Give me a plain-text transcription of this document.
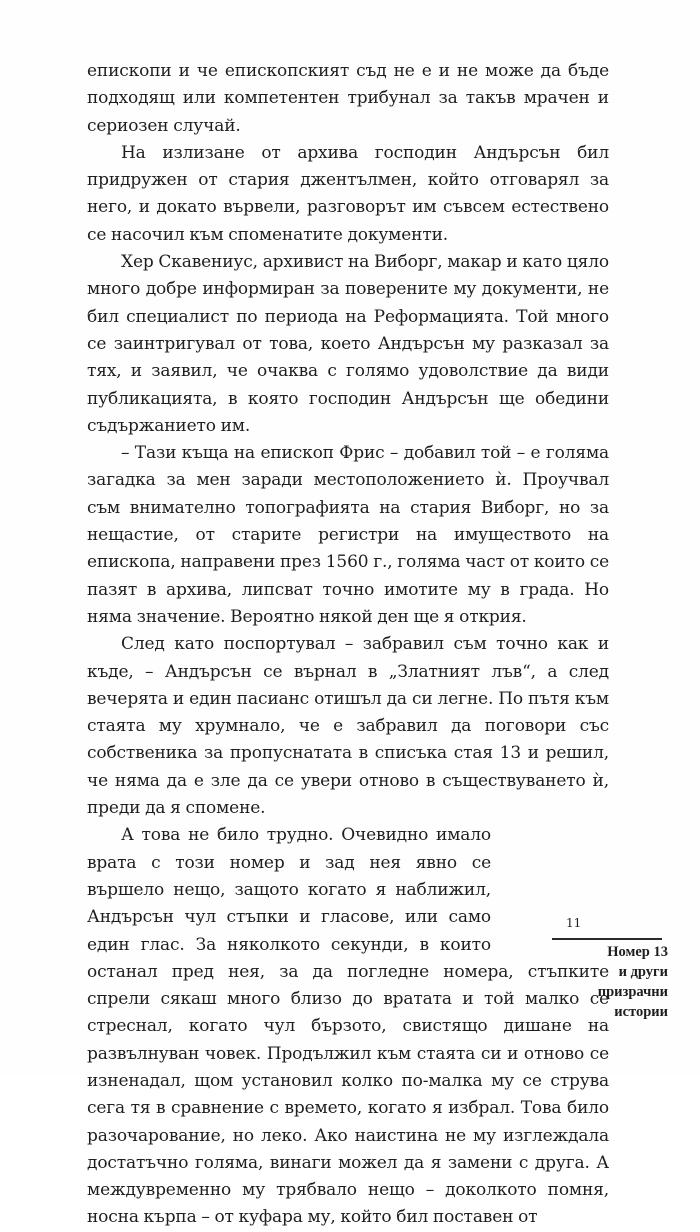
епископи и че епископският съд не е и не може да бъде подходящ или компетентен трибунал за такъв мрачен и сериозен случай.

На излизане от архива господин Андърсън бил придружен от стария джентълмен, който отговарял за него, и докато вървели, разговорът им съвсем естествено се насочил към споменатите документи.

Хер Скавениус, архивист на Виборг, макар и като цяло много добре информиран за поверените му документи, не бил специалист по периода на Реформацията. Той много се заинтригувал от това, което Андърсън му разказал за тях, и заявил, че очаква с голямо удоволствие да види публикацията, в която господин Андърсън ще обедини съдържанието им.

– Тази къща на епископ Фрис – добавил той – е голяма загадка за мен заради местоположението ѝ. Проучвал съм внимателно топографията на стария Виборг, но за нещастие, от старите регистри на имуществото на епископа, направени през 1560 г., голяма част от които се пазят в архива, липсват точно имотите му в града. Но няма значение. Вероятно някой ден ще я открия.

След като поспортувал – забравил съм точно как и къде, – Андърсън се върнал в „Златният лъв“, а след вечерята и един пасианс отишъл да си легне. По пътя към стаята му хрумнало, че е забравил да поговори със собственика за пропуснатата в списъка стая 13 и решил, че няма да е зле да се увери отново в съществуването ѝ, преди да я спомене.

А това не било трудно. Очевидно имало врата с този номер и зад нея явно се вършело нещо, защото когато я наближил, Андърсън чул стъпки и гласове, или само един глас. За няколкото секунди, в които останал пред нея, за да погледне номера, стъпките спрели сякаш много близо до вратата и той малко се стреснал, когато чул бързото, свистящо дишане на развълнуван човек. Продължил към стаята си и отново се изненадал, щом установил колко по-малка му се струва сега тя в сравнение с времето, когато я избрал. Това било разочарование, но леко. Ако наистина не му изглеждала достатъчно голяма, винаги можел да я замени с друга. А междувременно му трябвало нещо – доколкото помня, носна кърпа – от куфара му, който бил поставен от

11
Номер 13
и други призрачни
истории
